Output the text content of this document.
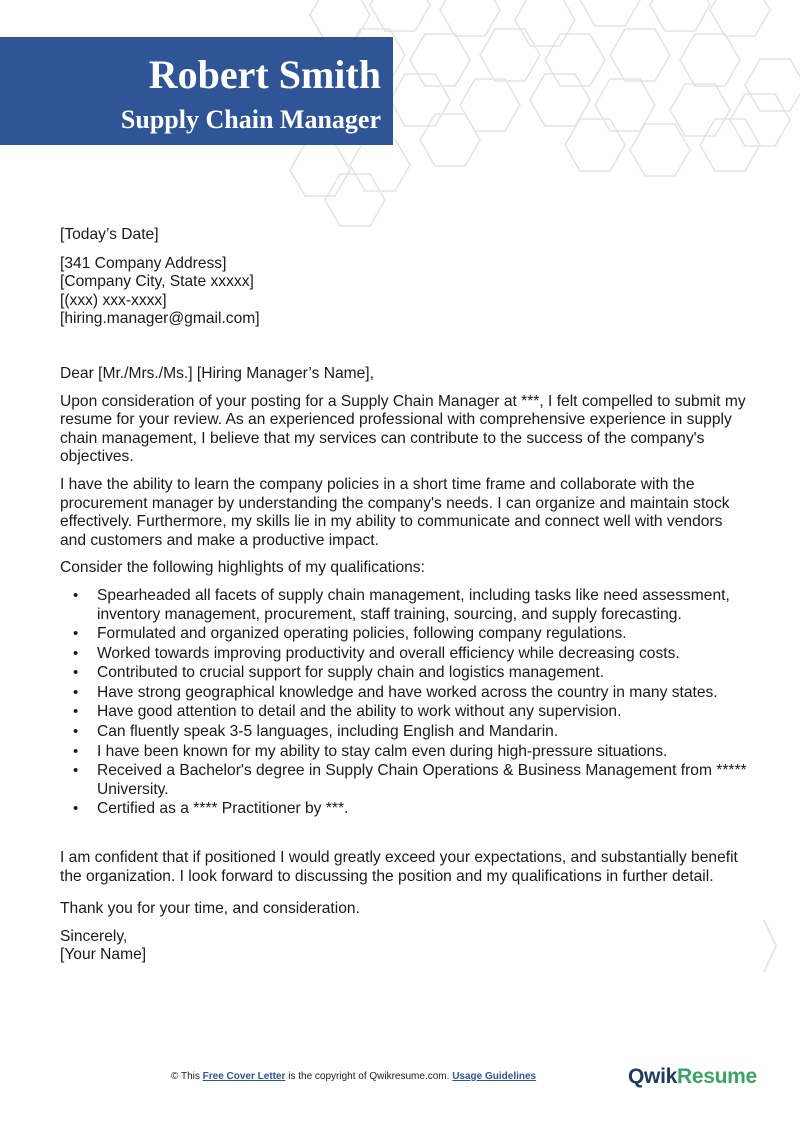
Robert Smith
Supply Chain Manager

[Today’s Date]

[341 Company Address]

[Company City, State xxxxx]

[(xxx) xxx-xxxx]

[hiring.manager@gmail.com]

Dear [Mr./Mrs./Ms.] [Hiring Manager’s Name],

Upon consideration of your posting for a Supply Chain Manager at ***, I felt compelled to submit my resume for your review. As an experienced professional with comprehensive experience in supply chain management, I believe that my services can contribute to the success of the company's objectives.

I have the ability to learn the company policies in a short time frame and collaborate with the procurement manager by understanding the company's needs. I can organize and maintain stock effectively. Furthermore, my skills lie in my ability to communicate and connect well with vendors and customers and make a productive impact.

Consider the following highlights of my qualifications:

• Spearheaded all facets of supply chain management, including tasks like need assessment, inventory management, procurement, staff training, sourcing, and supply forecasting.
• Formulated and organized operating policies, following company regulations.
• Worked towards improving productivity and overall efficiency while decreasing costs.
• Contributed to crucial support for supply chain and logistics management.
• Have strong geographical knowledge and have worked across the country in many states.
• Have good attention to detail and the ability to work without any supervision.
• Can fluently speak 3-5 languages, including English and Mandarin.
• I have been known for my ability to stay calm even during high-pressure situations.
• Received a Bachelor's degree in Supply Chain Operations & Business Management from ***** University.
• Certified as a **** Practitioner by ***.

I am confident that if positioned I would greatly exceed your expectations, and substantially benefit the organization. I look forward to discussing the position and my qualifications in further detail.

Thank you for your time, and consideration.

Sincerely,

[Your Name]

© This Free Cover Letter is the copyright of Qwikresume.com. Usage Guidelines	QwikResume
